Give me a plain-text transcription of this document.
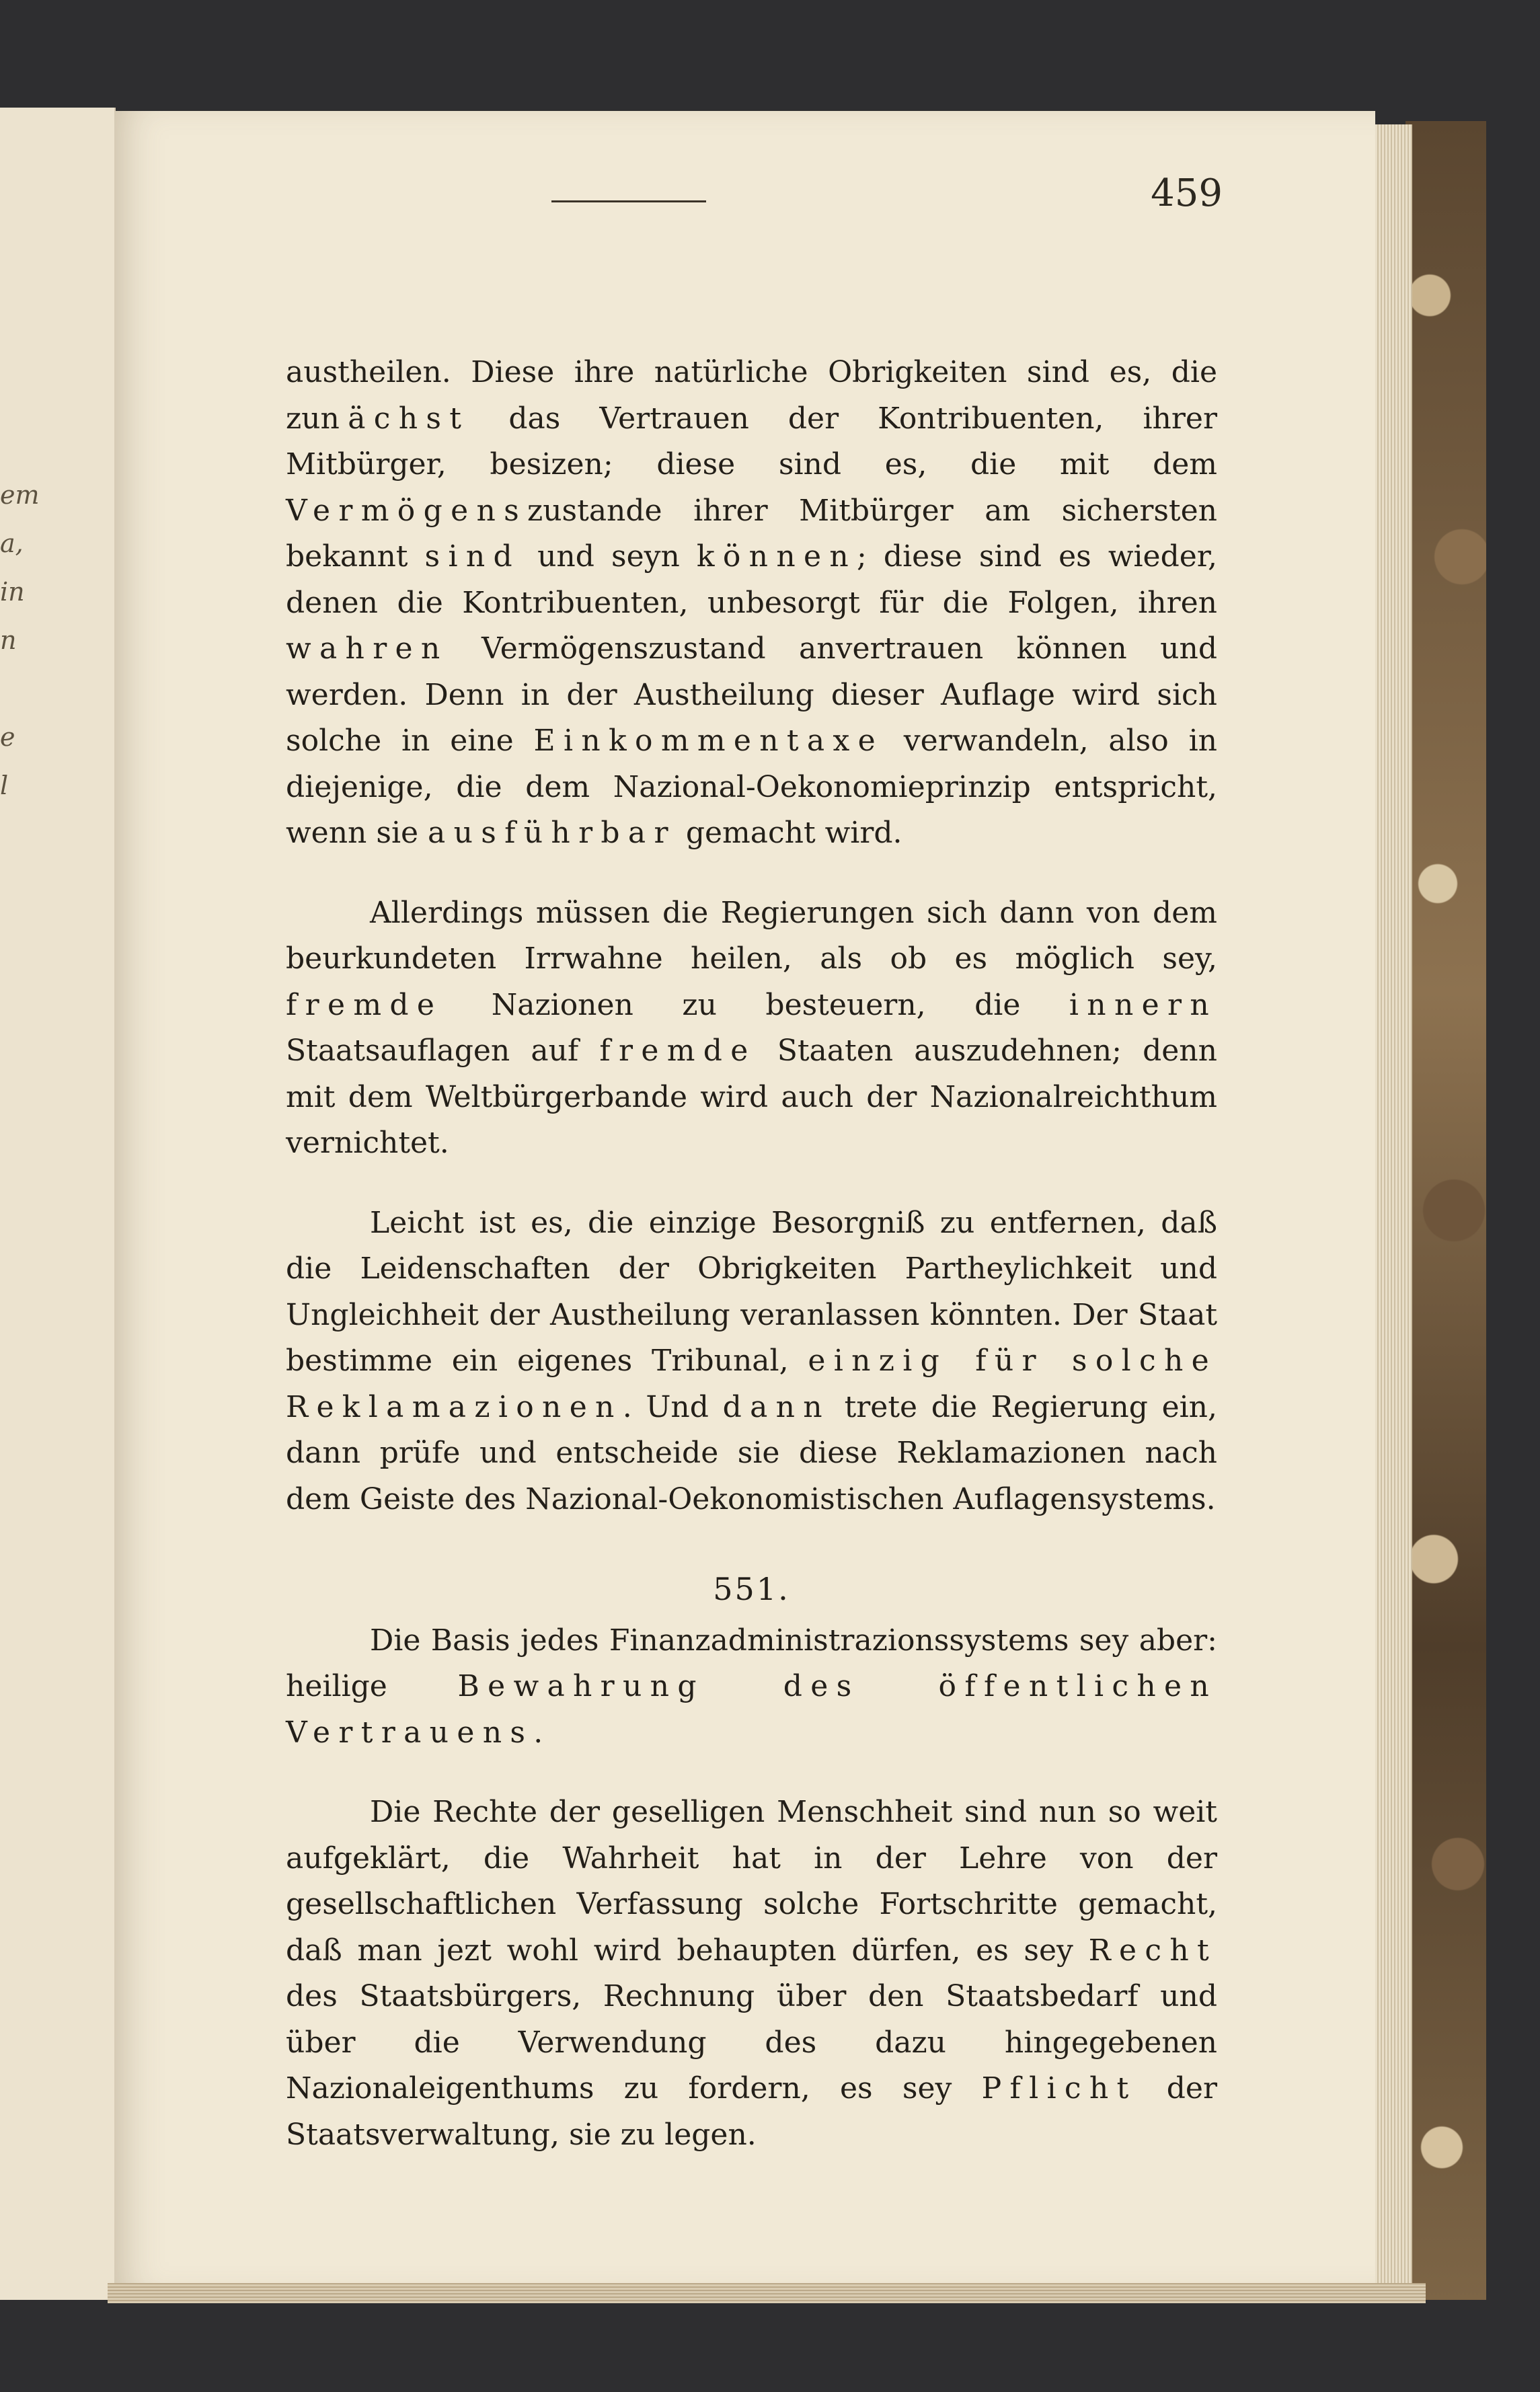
em
a,
in
n
e
l
459

austheilen. Diese ihre natürliche Obrigkeiten sind es, die zunächst das Vertrauen der Kontribuenten, ihrer Mitbürger, besizen; diese sind es, die mit dem Vermögenszustande ihrer Mitbürger am sichersten bekannt sind und seyn können; diese sind es wieder, denen die Kontribuenten, unbesorgt für die Folgen, ihren wahren Vermögenszustand anvertrauen können und werden. Denn in der Austheilung dieser Auflage wird sich solche in eine Einkommentaxe verwandeln, also in diejenige, die dem Nazional-Oekonomieprinzip entspricht, wenn sie ausführbar gemacht wird.

Allerdings müssen die Regierungen sich dann von dem beurkundeten Irrwahne heilen, als ob es möglich sey, fremde Nazionen zu besteuern, die innern Staatsauflagen auf fremde Staaten auszudehnen; denn mit dem Weltbürgerbande wird auch der Nazionalreichthum vernichtet.

Leicht ist es, die einzige Besorgniß zu entfernen, daß die Leidenschaften der Obrigkeiten Partheylichkeit und Ungleichheit der Austheilung veranlassen könnten. Der Staat bestimme ein eigenes Tribunal, einzig für solche Reklamazionen. Und dann trete die Regierung ein, dann prüfe und entscheide sie diese Reklamazionen nach dem Geiste des Nazional-Oekonomistischen Auflagensystems.

551.

Die Basis jedes Finanzadministrazionssystems sey aber: heilige Bewahrung des öffentlichen Vertrauens.

Die Rechte der geselligen Menschheit sind nun so weit aufgeklärt, die Wahrheit hat in der Lehre von der gesellschaftlichen Verfassung solche Fortschritte gemacht, daß man jezt wohl wird behaupten dürfen, es sey Recht des Staatsbürgers, Rechnung über den Staatsbedarf und über die Verwendung des dazu hingegebenen Nazionaleigenthums zu fordern, es sey Pflicht der Staatsverwaltung, sie zu legen.
